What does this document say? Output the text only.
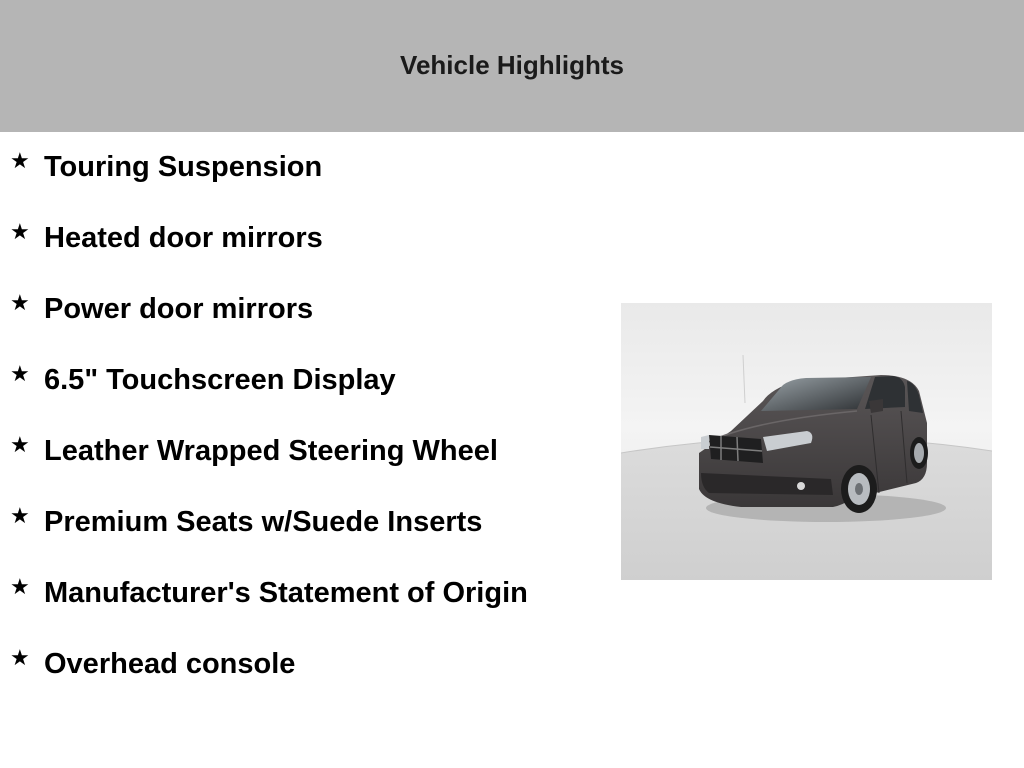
Vehicle Highlights
★ Touring Suspension
★ Heated door mirrors
★ Power door mirrors
★ 6.5" Touchscreen Display
★ Leather Wrapped Steering Wheel
★ Premium Seats w/Suede Inserts
★ Manufacturer's Statement of Origin
★ Overhead console
